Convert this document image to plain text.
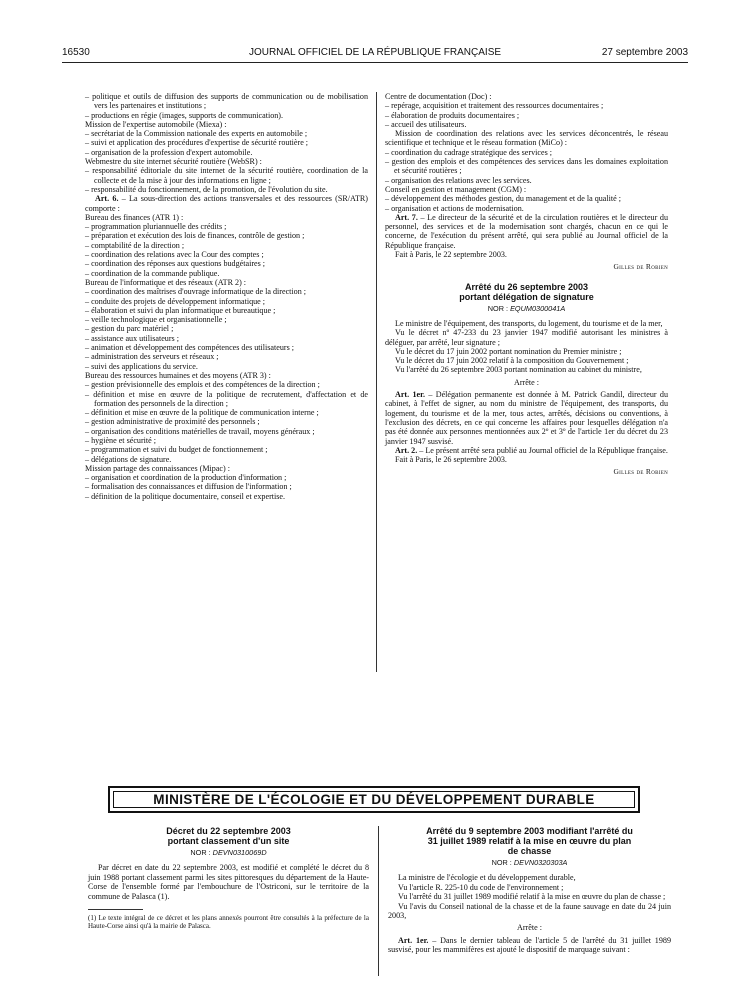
16530	JOURNAL OFFICIEL DE LA RÉPUBLIQUE FRANÇAISE	27 septembre 2003
– politique et outils de diffusion des supports de communication ou de mobilisation vers les partenaires et institutions ;
– productions en régie (images, supports de communication).
Mission de l'expertise automobile (Miexa) :
– secrétariat de la Commission nationale des experts en automobile ;
– suivi et application des procédures d'expertise de sécurité routière ;
– organisation de la profession d'expert automobile.
Webmestre du site internet sécurité routière (WebSR) :
– responsabilité éditoriale du site internet de la sécurité routière, coordination de la collecte et de la mise à jour des informations en ligne ;
– responsabilité du fonctionnement, de la promotion, de l'évolution du site.
Art. 6. – La sous-direction des actions transversales et des ressources (SR/ATR) comporte :
Bureau des finances (ATR 1) :
– programmation pluriannuelle des crédits ;
– préparation et exécution des lois de finances, contrôle de gestion ;
– comptabilité de la direction ;
– coordination des relations avec la Cour des comptes ;
– coordination des réponses aux questions budgétaires ;
– coordination de la commande publique.
Bureau de l'informatique et des réseaux (ATR 2) :
– coordination des maîtrises d'ouvrage informatique de la direction ;
– conduite des projets de développement informatique ;
– élaboration et suivi du plan informatique et bureautique ;
– veille technologique et organisationnelle ;
– gestion du parc matériel ;
– assistance aux utilisateurs ;
– animation et développement des compétences des utilisateurs ;
– administration des serveurs et réseaux ;
– suivi des applications du service.
Bureau des ressources humaines et des moyens (ATR 3) :
– gestion prévisionnelle des emplois et des compétences de la direction ;
– définition et mise en œuvre de la politique de recrutement, d'affectation et de formation des personnels de la direction ;
– définition et mise en œuvre de la politique de communication interne ;
– gestion administrative de proximité des personnels ;
– organisation des conditions matérielles de travail, moyens généraux ;
– hygiène et sécurité ;
– programmation et suivi du budget de fonctionnement ;
– délégations de signature.
Mission partage des connaissances (Mipac) :
– organisation et coordination de la production d'information ;
– formalisation des connaissances et diffusion de l'information ;
– définition de la politique documentaire, conseil et expertise.
Centre de documentation (Doc) :
– repérage, acquisition et traitement des ressources documentaires ;
– élaboration de produits documentaires ;
– accueil des utilisateurs.
Mission de coordination des relations avec les services déconcentrés, le réseau scientifique et technique et le réseau formation (MiCo) :
– coordination du cadrage stratégique des services ;
– gestion des emplois et des compétences des services dans les domaines exploitation et sécurité routières ;
– organisation des relations avec les services.
Conseil en gestion et management (CGM) :
– développement des méthodes gestion, du management et de la qualité ;
– organisation et actions de modernisation.
Art. 7. – Le directeur de la sécurité et de la circulation routières et le directeur du personnel, des services et de la modernisation sont chargés, chacun en ce qui le concerne, de l'exécution du présent arrêté, qui sera publié au Journal officiel de la République française.
Fait à Paris, le 22 septembre 2003.
Gilles de Robien
Arrêté du 26 septembre 2003
portant délégation de signature
NOR : EQUM0300041A
Le ministre de l'équipement, des transports, du logement, du tourisme et de la mer,
Vu le décret nº 47-233 du 23 janvier 1947 modifié autorisant les ministres à déléguer, par arrêté, leur signature ;
Vu le décret du 17 juin 2002 portant nomination du Premier ministre ;
Vu le décret du 17 juin 2002 relatif à la composition du Gouvernement ;
Vu l'arrêté du 26 septembre 2003 portant nomination au cabinet du ministre,
Arrête :
Art. 1er. – Délégation permanente est donnée à M. Patrick Gandil, directeur du cabinet, à l'effet de signer, au nom du ministre de l'équipement, des transports, du logement, du tourisme et de la mer, tous actes, arrêtés, décisions ou conventions, à l'exclusion des décrets, en ce qui concerne les affaires pour lesquelles délégation n'a pas été donnée aux personnes mentionnées aux 2º et 3º de l'article 1er du décret du 23 janvier 1947 susvisé.
Art. 2. – Le présent arrêté sera publié au Journal officiel de la République française.
Fait à Paris, le 26 septembre 2003.
Gilles de Robien
MINISTÈRE DE L'ÉCOLOGIE ET DU DÉVELOPPEMENT DURABLE
Décret du 22 septembre 2003
portant classement d'un site
NOR : DEVN0310069D
Par décret en date du 22 septembre 2003, est modifié et complété le décret du 8 juin 1988 portant classement parmi les sites pittoresques du département de la Haute-Corse de l'ensemble formé par l'embouchure de l'Ostriconi, sur le territoire de la commune de Palasca (1).
(1) Le texte intégral de ce décret et les plans annexés pourront être consultés à la préfecture de la Haute-Corse ainsi qu'à la mairie de Palasca.
Arrêté du 9 septembre 2003 modifiant l'arrêté du
31 juillet 1989 relatif à la mise en œuvre du plan
de chasse
NOR : DEVN0320303A
La ministre de l'écologie et du développement durable,
Vu l'article R. 225-10 du code de l'environnement ;
Vu l'arrêté du 31 juillet 1989 modifié relatif à la mise en œuvre du plan de chasse ;
Vu l'avis du Conseil national de la chasse et de la faune sauvage en date du 24 juin 2003,
Arrête :
Art. 1er. – Dans le dernier tableau de l'article 5 de l'arrêté du 31 juillet 1989 susvisé, pour les mammifères est ajouté le dispositif de marquage suivant :
